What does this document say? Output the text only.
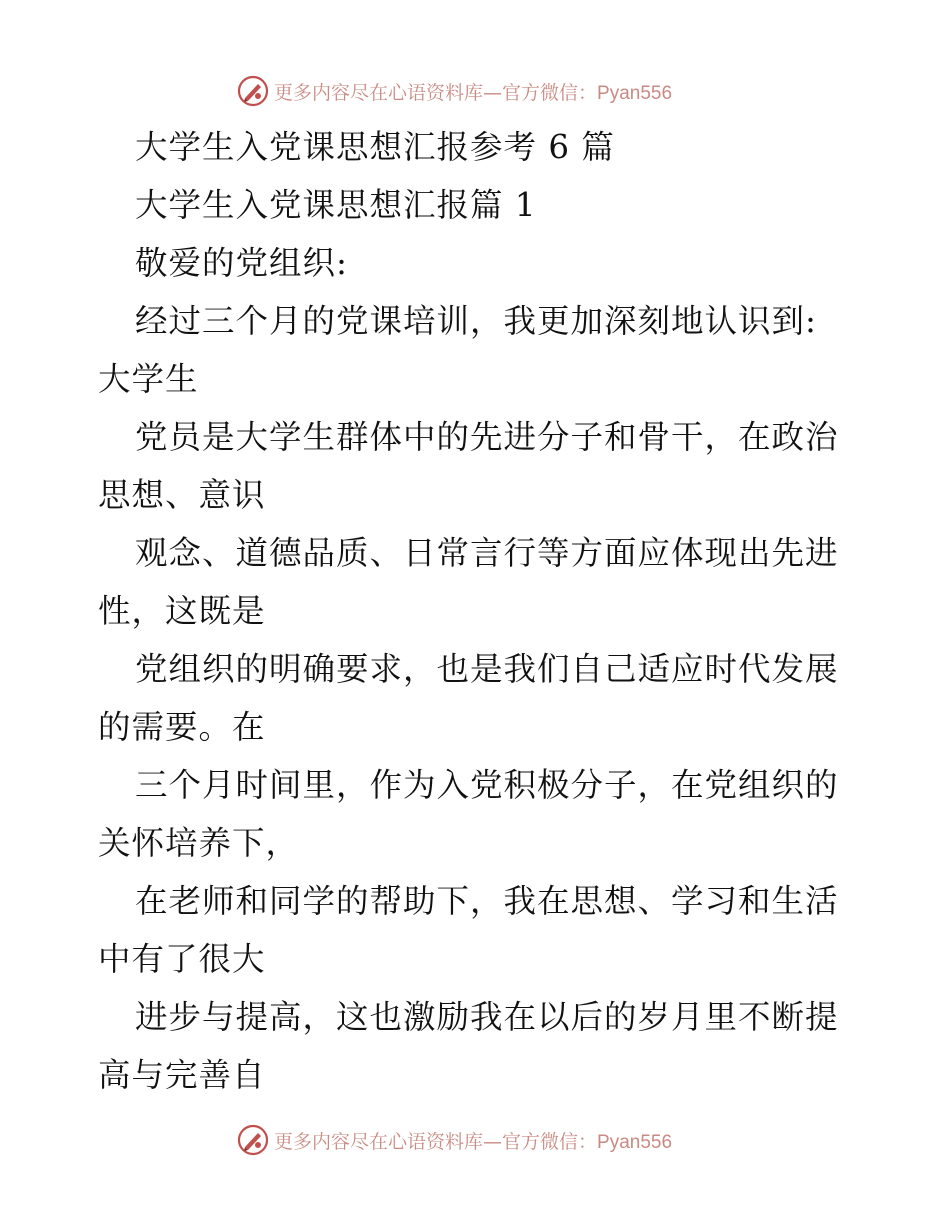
更多内容尽在心语资料库—官方微信：Pyan556
大学生入党课思想汇报参考 6 篇
大学生入党课思想汇报篇 1
敬爱的党组织:
经过三个月的党课培训，我更加深刻地认识到:
大学生
党员是大学生群体中的先进分子和骨干，在政治
思想、意识
观念、道德品质、日常言行等方面应体现出先进
性，这既是
党组织的明确要求，也是我们自己适应时代发展
的需要。在
三个月时间里，作为入党积极分子，在党组织的
关怀培养下，
在老师和同学的帮助下，我在思想、学习和生活
中有了很大
进步与提高，这也激励我在以后的岁月里不断提
高与完善自
更多内容尽在心语资料库—官方微信：Pyan556
